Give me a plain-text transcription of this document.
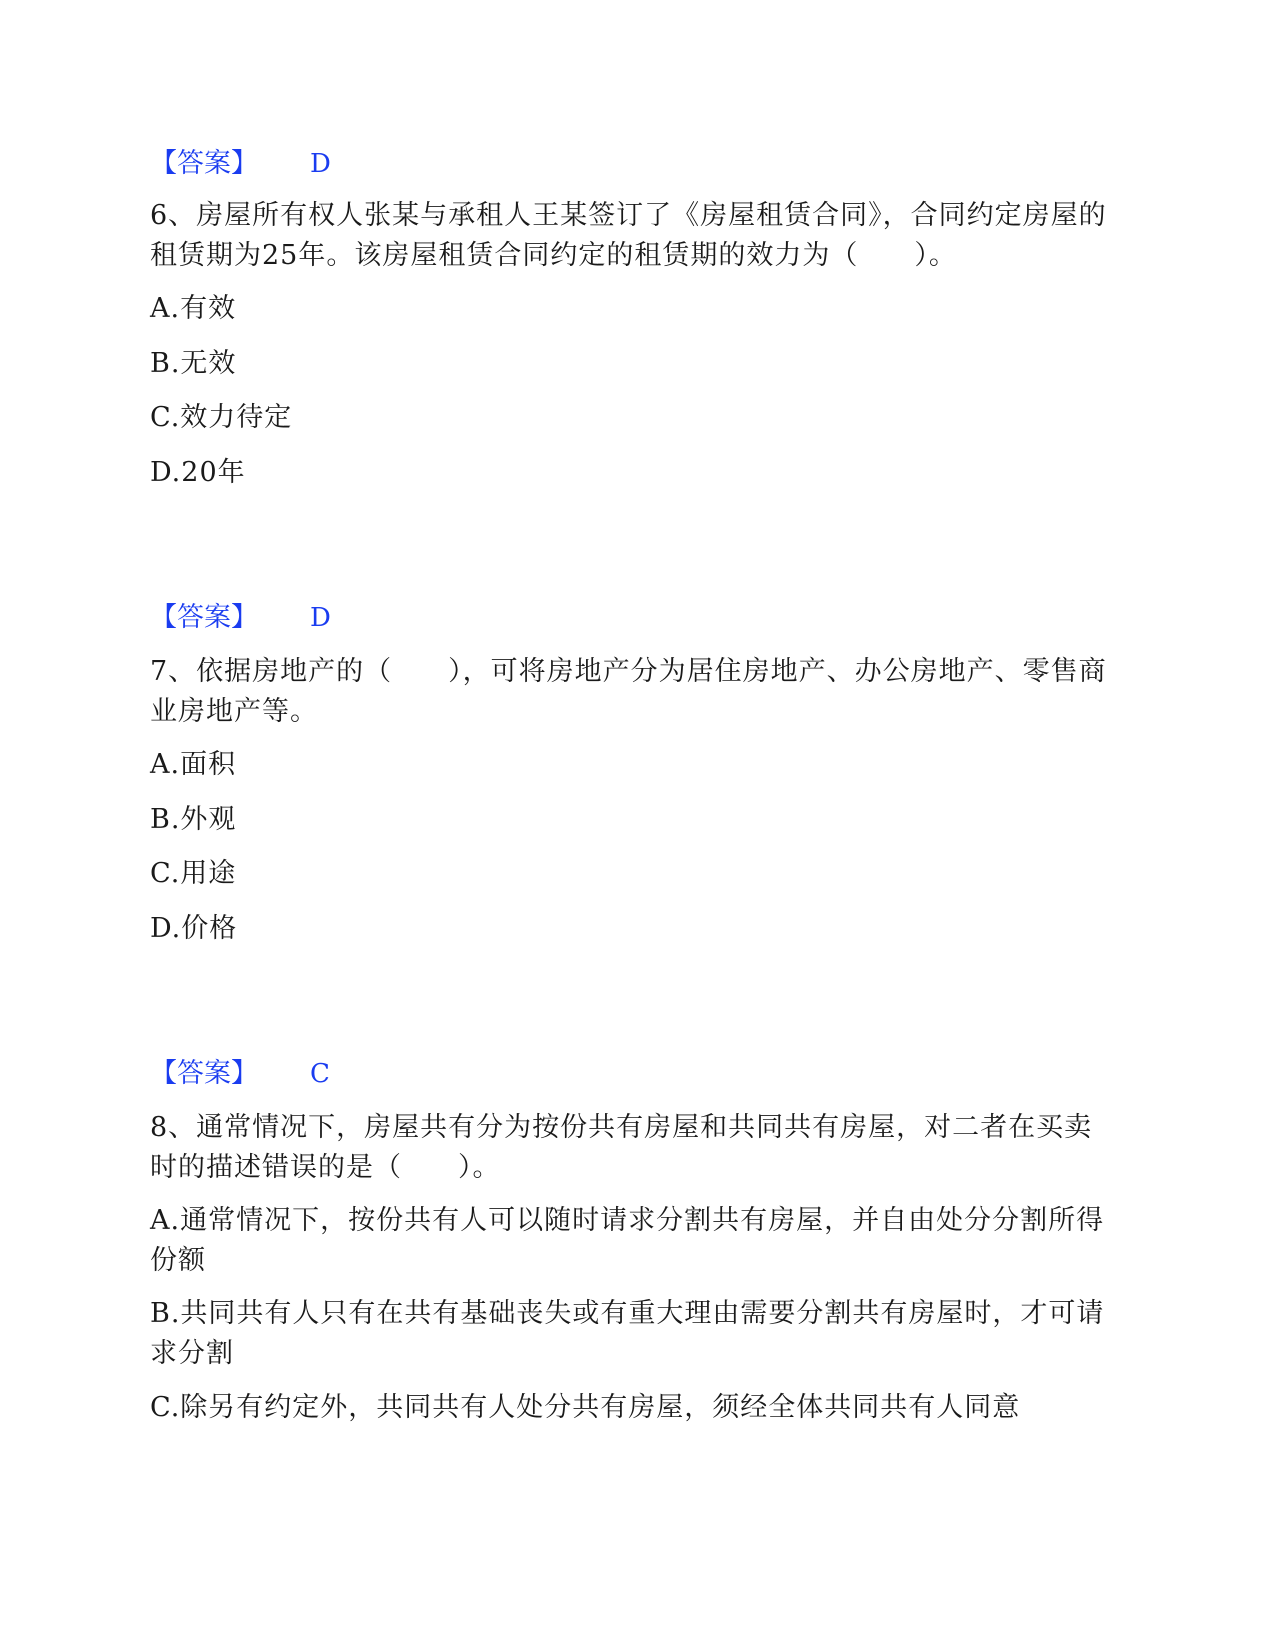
【答案】 D
6、房屋所有权人张某与承租人王某签订了《房屋租赁合同》，合同约定房屋的租赁期为25年。该房屋租赁合同约定的租赁期的效力为（　　）。
A.有效
B.无效
C.效力待定
D.20年
【答案】 D
7、依据房地产的（　　），可将房地产分为居住房地产、办公房地产、零售商业房地产等。
A.面积
B.外观
C.用途
D.价格
【答案】 C
8、通常情况下，房屋共有分为按份共有房屋和共同共有房屋，对二者在买卖时的描述错误的是（　　）。
A.通常情况下，按份共有人可以随时请求分割共有房屋，并自由处分分割所得份额
B.共同共有人只有在共有基础丧失或有重大理由需要分割共有房屋时，才可请求分割
C.除另有约定外，共同共有人处分共有房屋，须经全体共同共有人同意
